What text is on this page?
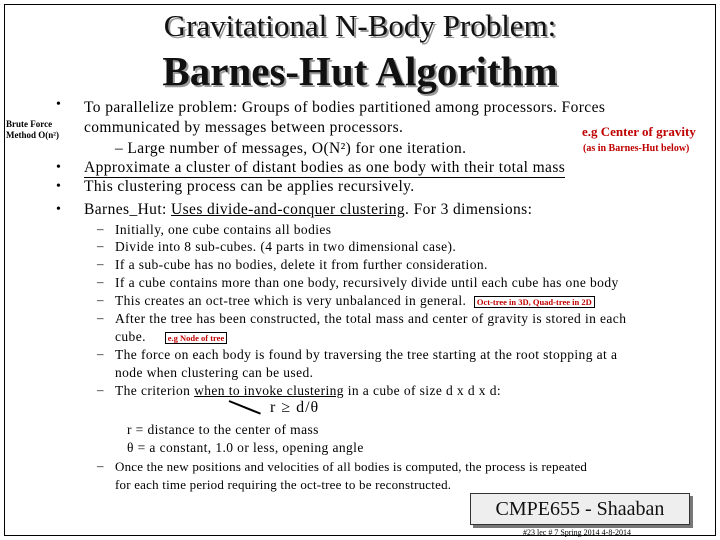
Gravitational N-Body Problem:
Barnes-Hut Algorithm
Brute Force
Method O(n²)
• To parallelize problem: Groups of bodies partitioned among processors. Forces
communicated by messages between processors.
– Large number of messages, O(N²) for one iteration.
e.g Center of gravity
(as in Barnes-Hut below)
• Approximate a cluster of distant bodies as one body with their total mass
• This clustering process can be applies recursively.
• Barnes_Hut: Uses divide-and-conquer clustering. For 3 dimensions:
– Initially, one cube contains all bodies
– Divide into 8 sub-cubes. (4 parts in two dimensional case).
– If a sub-cube has no bodies, delete it from further consideration.
– If a cube contains more than one body, recursively divide until each cube has one body
– This creates an oct-tree which is very unbalanced in general. Oct-tree in 3D, Quad-tree in 2D
– After the tree has been constructed, the total mass and center of gravity is stored in each
cube.	e.g Node of tree
– The force on each body is found by traversing the tree starting at the root stopping at a
node when clustering can be used.
– The criterion when to invoke clustering in a cube of size d x d x d:
r ≥ d/θ
r = distance to the center of mass
θ = a constant, 1.0 or less, opening angle
– Once the new positions and velocities of all bodies is computed, the process is repeated
for each time period requiring the oct-tree to be reconstructed.
CMPE655 - Shaaban
#23 lec # 7 Spring 2014 4-8-2014
